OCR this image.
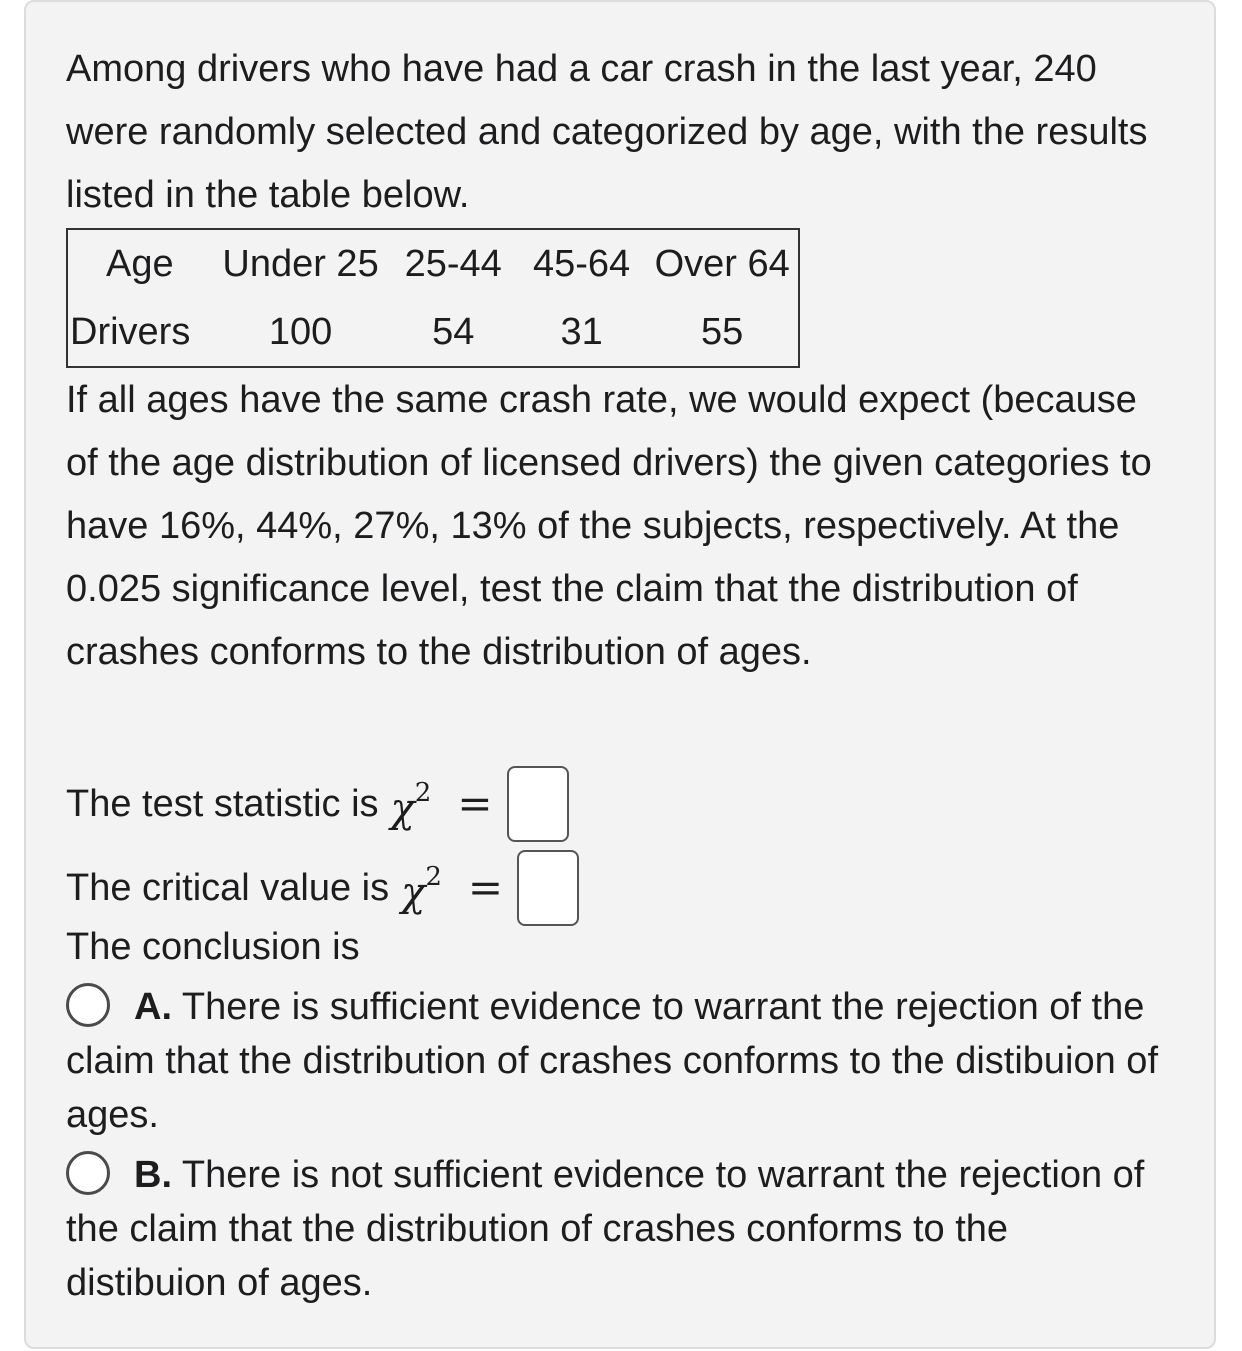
Among drivers who have had a car crash in the last year, 240 were randomly selected and categorized by age, with the results listed in the table below.

Age	Under 25	25-44	45-64	Over 64
Drivers	100	54	31	55

If all ages have the same crash rate, we would expect (because of the age distribution of licensed drivers) the given categories to have 16%, 44%, 27%, 13% of the subjects, respectively. At the 0.025 significance level, test the claim that the distribution of crashes conforms to the distribution of ages.

The test statistic is $\chi^2$ =
The critical value is $\chi^2$ =
The conclusion is
A. There is sufficient evidence to warrant the rejection of the claim that the distribution of crashes conforms to the distibuion of ages.
B. There is not sufficient evidence to warrant the rejection of the claim that the distribution of crashes conforms to the distibuion of ages.
